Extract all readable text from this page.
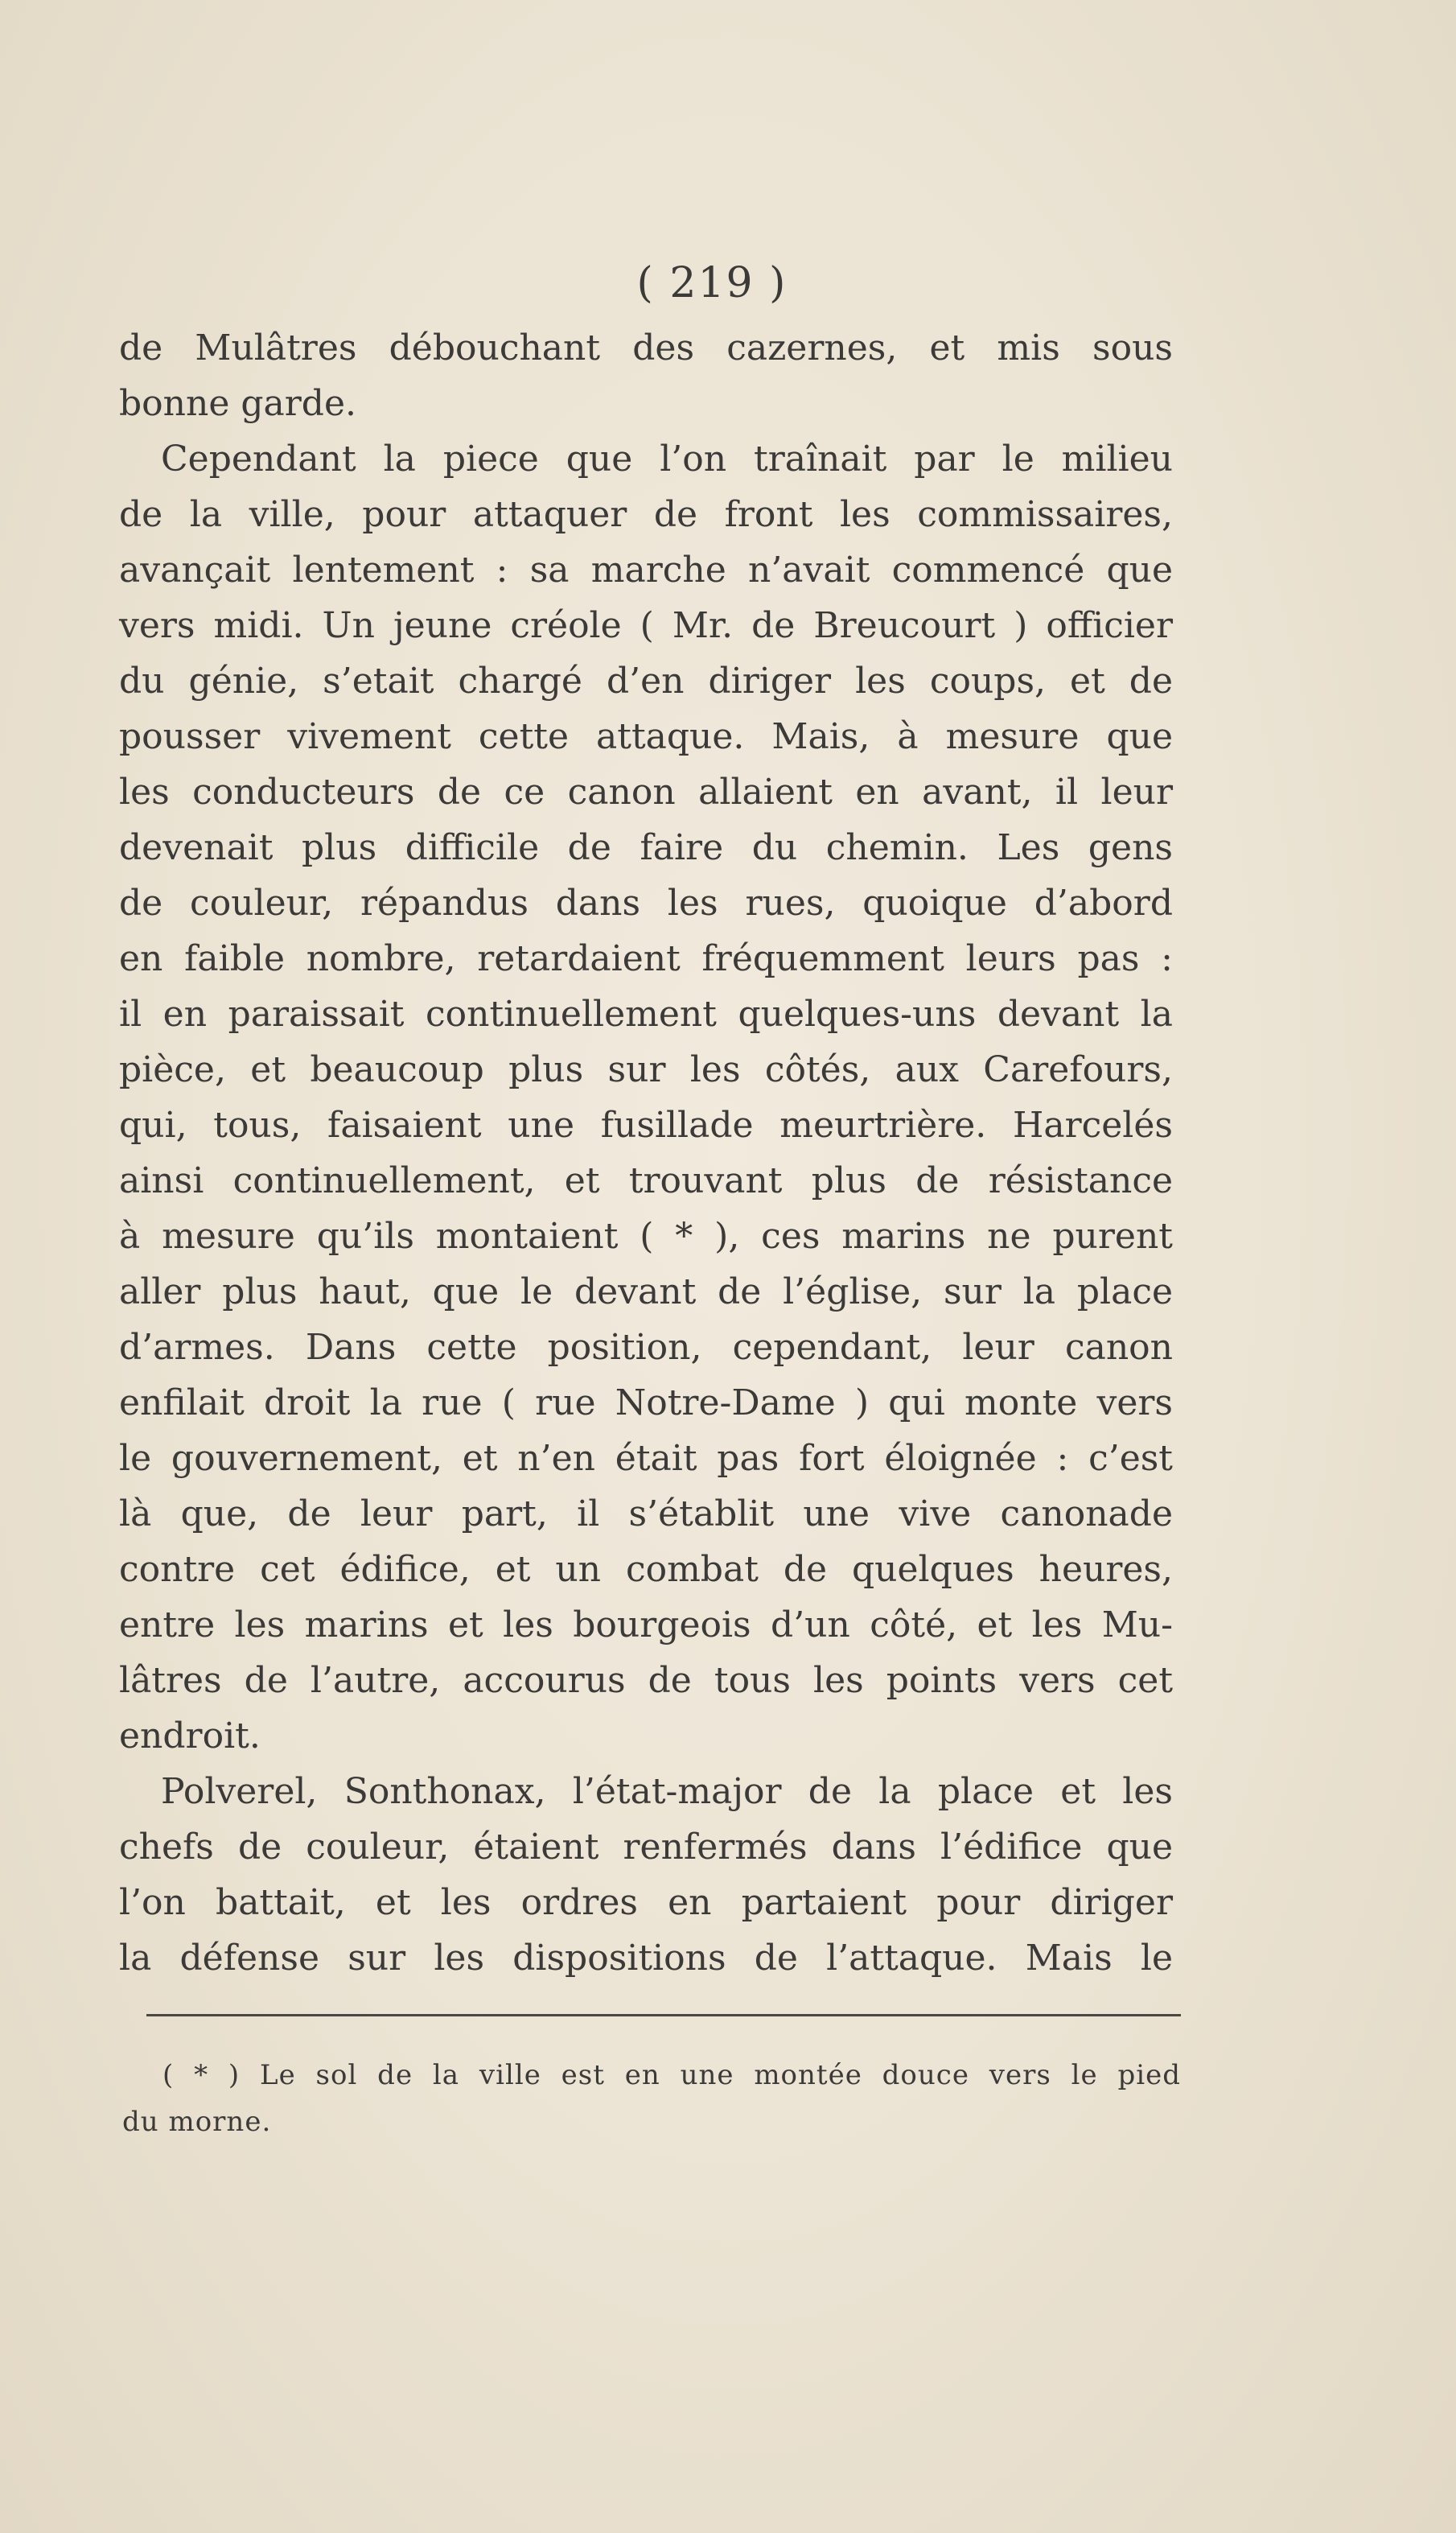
( 219 )
de Mulâtres débouchant des cazernes, et mis sous
bonne garde.
Cependant la piece que l’on traînait par le milieu
de la ville, pour attaquer de front les commissaires,
avançait lentement : sa marche n’avait commencé que
vers midi. Un jeune créole ( Mr. de Breucourt ) officier
du génie, s’etait chargé d’en diriger les coups, et de
pousser vivement cette attaque. Mais, à mesure que
les conducteurs de ce canon allaient en avant, il leur
devenait plus difficile de faire du chemin. Les gens
de couleur, répandus dans les rues, quoique d’abord
en faible nombre, retardaient fréquemment leurs pas :
il en paraissait continuellement quelques-uns devant la
pièce, et beaucoup plus sur les côtés, aux Carefours,
qui, tous, faisaient une fusillade meurtrière. Harcelés
ainsi continuellement, et trouvant plus de résistance
à mesure qu’ils montaient ( * ), ces marins ne purent
aller plus haut, que le devant de l’église, sur la place
d’armes. Dans cette position, cependant, leur canon
enfilait droit la rue ( rue Notre-Dame ) qui monte vers
le gouvernement, et n’en était pas fort éloignée : c’est
là que, de leur part, il s’établit une vive canonade
contre cet édifice, et un combat de quelques heures,
entre les marins et les bourgeois d’un côté, et les Mu-
lâtres de l’autre, accourus de tous les points vers cet
endroit.
Polverel, Sonthonax, l’état-major de la place et les
chefs de couleur, étaient renfermés dans l’édifice que
l’on battait, et les ordres en partaient pour diriger
la défense sur les dispositions de l’attaque. Mais le
( * ) Le sol de la ville est en une montée douce vers le pied
du morne.
